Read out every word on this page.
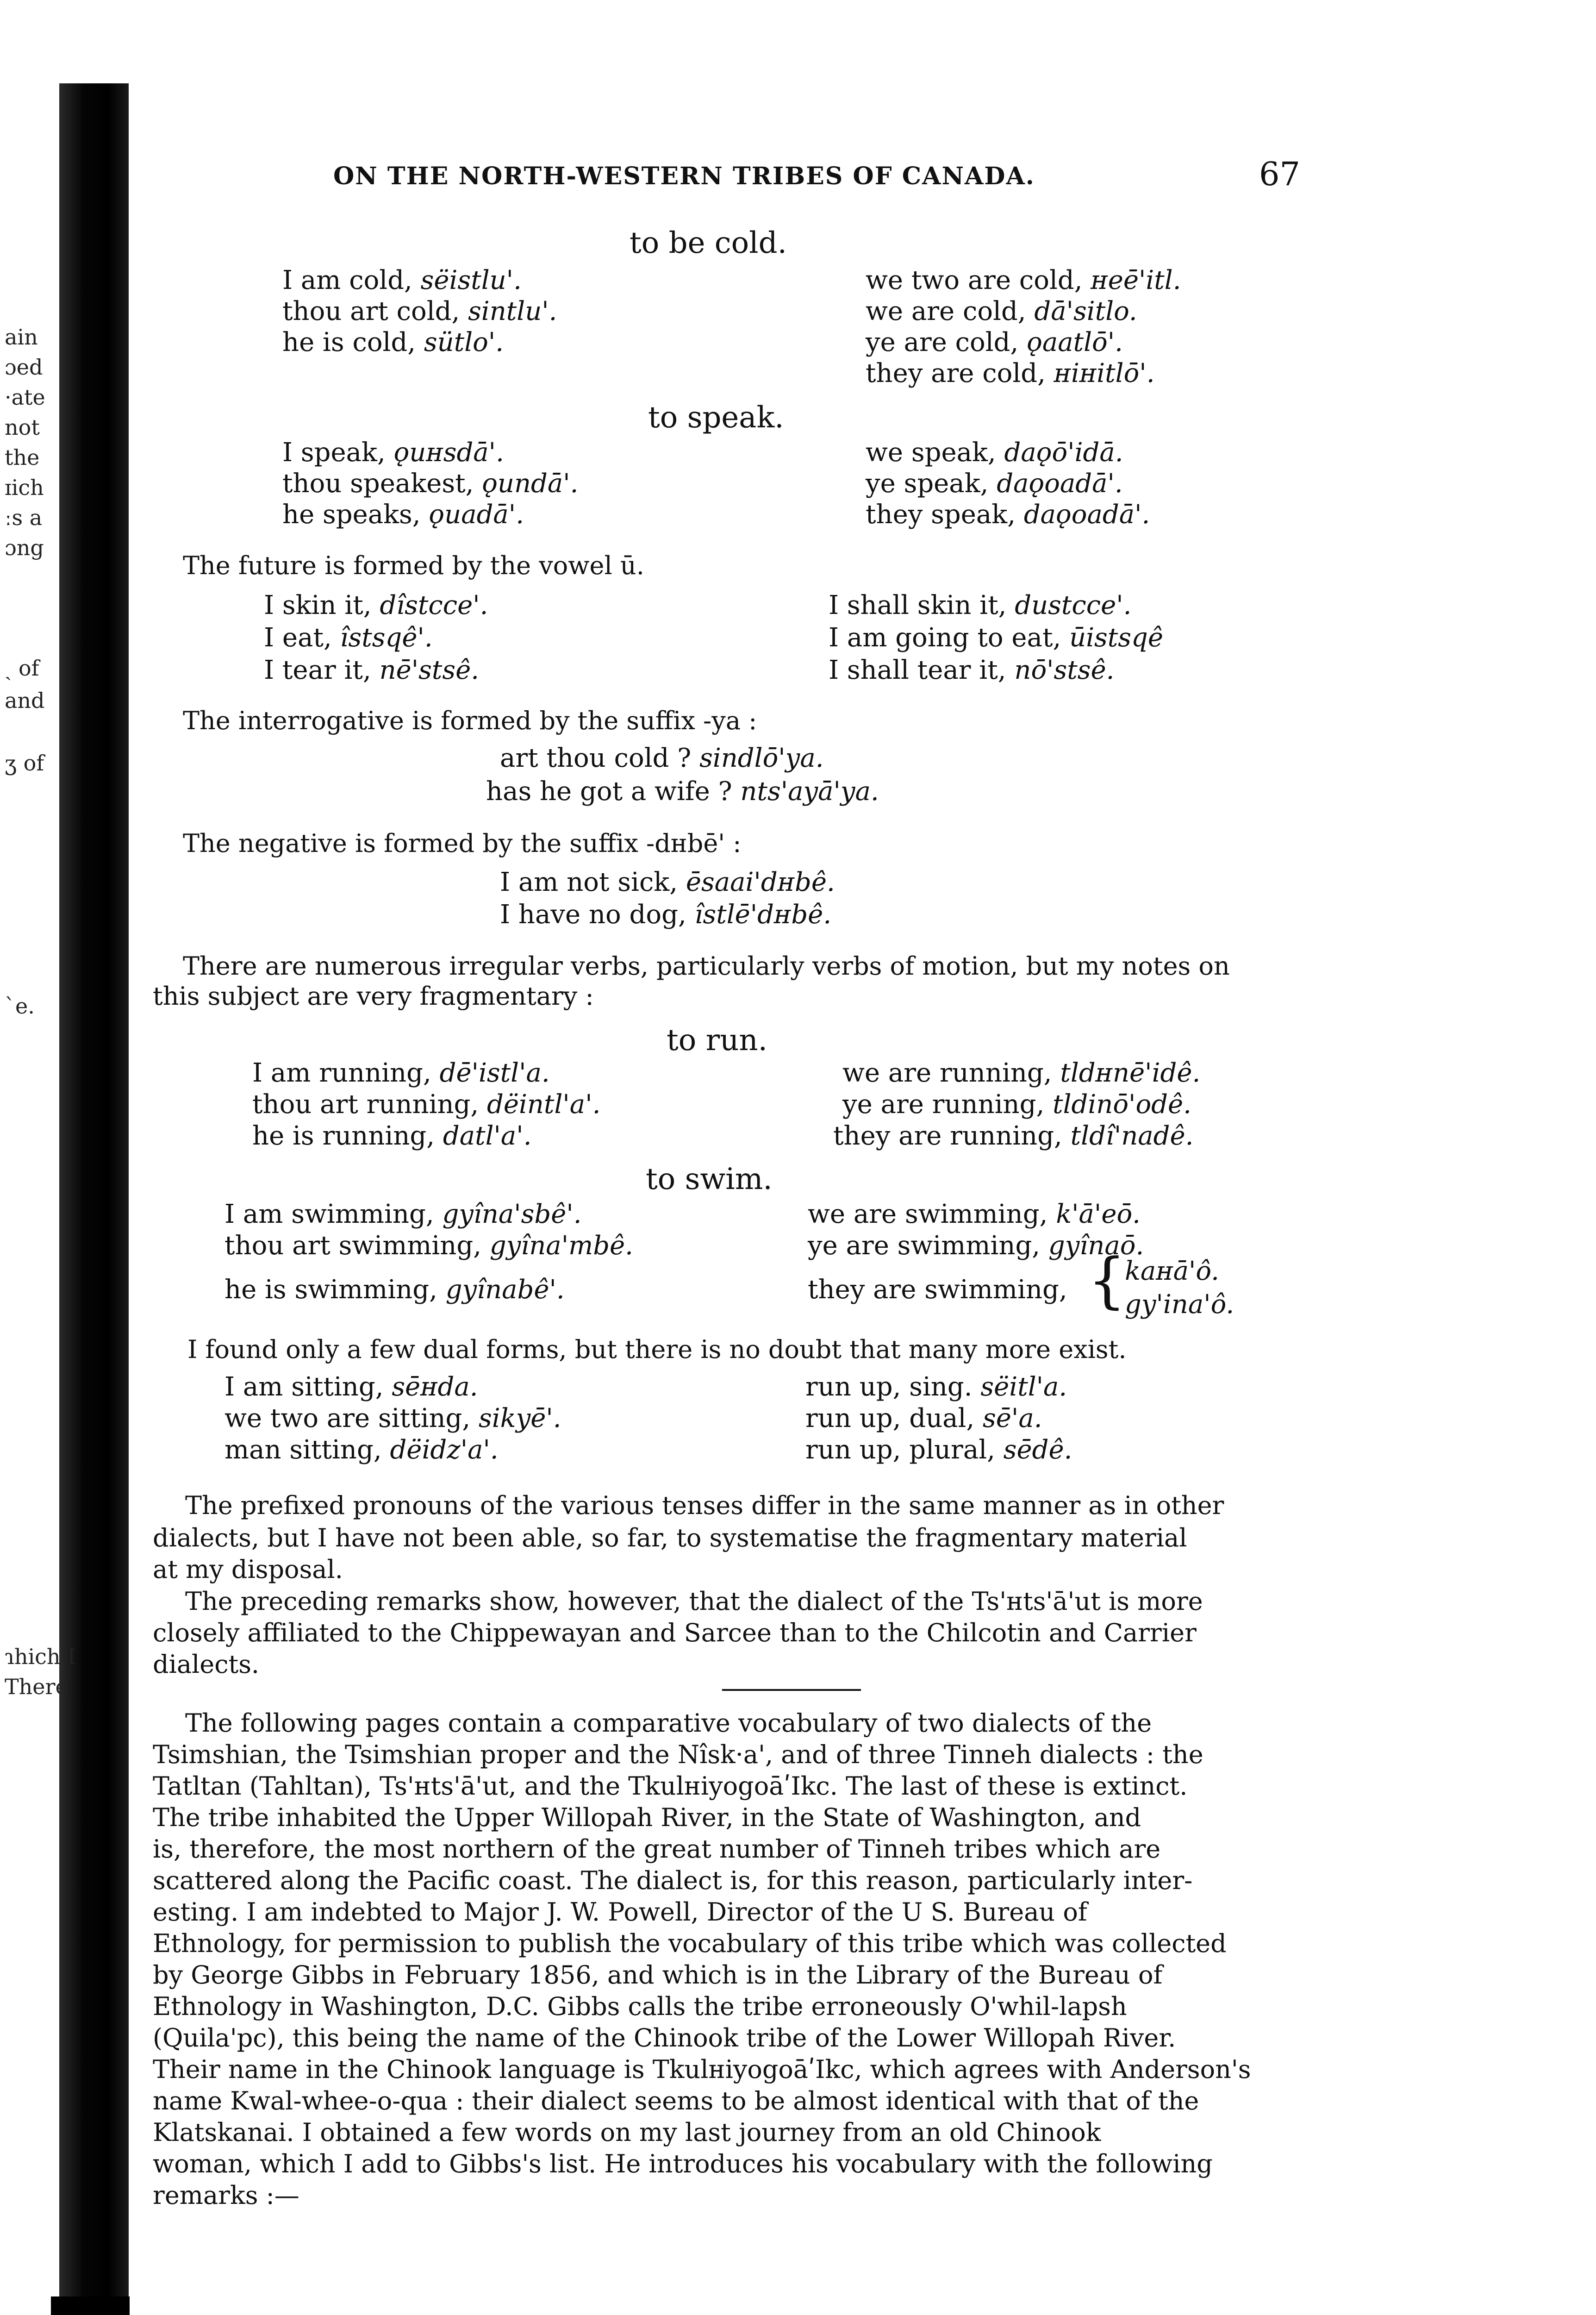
ain
ɔed
·ate
not
the
ɪich
ːs a
ɔng
ˏ of
and
ʒ of
ˋe.
ɿhich I
There
ON THE NORTH-WESTERN TRIBES OF CANADA.	67
to be cold.
I am cold, sëistlu'.
thou art cold, sintlu'.
he is cold, sütlo'.
we two are cold, ʜeē'itl.
we are cold, dā'sitlo.
ye are cold, ǫaatlō'.
they are cold, ʜiʜitlō'.
to speak.
I speak, ǫuʜsdā'.
thou speakest, ǫundā'.
he speaks, ǫuadā'.
we speak, daǫō'idā.
ye speak, daǫoadā'.
they speak, daǫoadā'.
The future is formed by the vowel ū.
I skin it, dîstcce'.
I eat, îstsqê'.
I tear it, nē'stsê.
I shall skin it, dustcce'.
I am going to eat, ūistsqê
I shall tear it, nō'stsê.
The interrogative is formed by the suffix -ya :
art thou cold ? sindlō'ya.
has he got a wife ? nts'ayā'ya.
The negative is formed by the suffix -dʜbē' :
I am not sick, ēsaai'dʜbê.
I have no dog, îstlē'dʜbê.
There are numerous irregular verbs, particularly verbs of motion, but my notes on
this subject are very fragmentary :
to run.
I am running, dē'istl'a.
thou art running, dëintl'a'.
he is running, datl'a'.
we are running, tldʜnē'idê.
ye are running, tldinō'odê.
they are running, tldî'nadê.
to swim.
I am swimming, gyîna'sbê'.
thou art swimming, gyîna'mbê.
he is swimming, gyînabê'.
we are swimming, k'ā'eō.
ye are swimming, gyînaō.
they are swimming, {
kaʜā'ô.
gy'ina'ô.
I found only a few dual forms, but there is no doubt that many more exist.
I am sitting, sēʜda.
we two are sitting, sikyē'.
man sitting, dëidz'a'.
run up, sing. sëitl'a.
run up, dual, sē'a.
run up, plural, sēdê.
The prefixed pronouns of the various tenses differ in the same manner as in other
dialects, but I have not been able, so far, to systematise the fragmentary material
at my disposal.
The preceding remarks show, however, that the dialect of the Ts'ʜts'ā'ut is more
closely affiliated to the Chippewayan and Sarcee than to the Chilcotin and Carrier
dialects.
The following pages contain a comparative vocabulary of two dialects of the
Tsimshian, the Tsimshian proper and the Nîsk·a', and of three Tinneh dialects : the
Tatltan (Tahltan), Ts'ʜts'ā'ut, and the TkulʜiyogoāʹIkc. The last of these is extinct.
The tribe inhabited the Upper Willopah River, in the State of Washington, and
is, therefore, the most northern of the great number of Tinneh tribes which are
scattered along the Pacific coast. The dialect is, for this reason, particularly inter-
esting. I am indebted to Major J. W. Powell, Director of the U S. Bureau of
Ethnology, for permission to publish the vocabulary of this tribe which was collected
by George Gibbs in February 1856, and which is in the Library of the Bureau of
Ethnology in Washington, D.C. Gibbs calls the tribe erroneously O'whil-lapsh
(Quila'pc), this being the name of the Chinook tribe of the Lower Willopah River.
Their name in the Chinook language is TkulʜiyogoāʹIkc, which agrees with Anderson's
name Kwal-whee-o-qua : their dialect seems to be almost identical with that of the
Klatskanai. I obtained a few words on my last journey from an old Chinook
woman, which I add to Gibbs's list. He introduces his vocabulary with the following
remarks :—
